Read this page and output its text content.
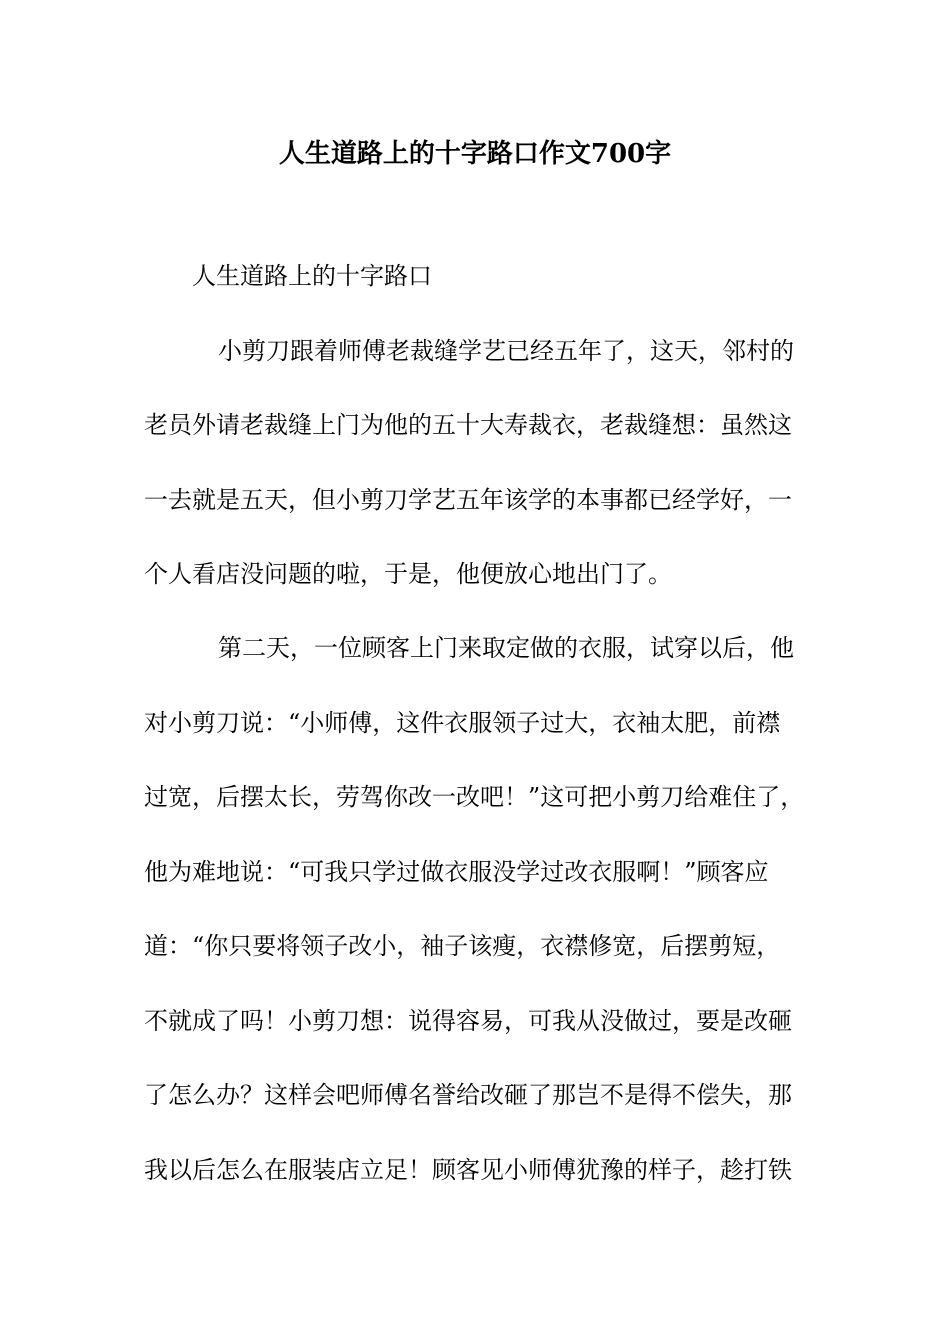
人生道路上的十字路口作文700字
人生道路上的十字路口
小剪刀跟着师傅老裁缝学艺已经五年了，这天，邻村的
老员外请老裁缝上门为他的五十大寿裁衣，老裁缝想：虽然这
一去就是五天，但小剪刀学艺五年该学的本事都已经学好，一
个人看店没问题的啦，于是，他便放心地出门了。
第二天，一位顾客上门来取定做的衣服，试穿以后，他
对小剪刀说：“小师傅，这件衣服领子过大，衣袖太肥，前襟
过宽，后摆太长，劳驾你改一改吧！”这可把小剪刀给难住了，
他为难地说：“可我只学过做衣服没学过改衣服啊！”顾客应
道：“你只要将领子改小，袖子该瘦，衣襟修宽，后摆剪短，
不就成了吗！小剪刀想：说得容易，可我从没做过，要是改砸
了怎么办？这样会吧师傅名誉给改砸了那岂不是得不偿失，那
我以后怎么在服装店立足！顾客见小师傅犹豫的样子，趁打铁
